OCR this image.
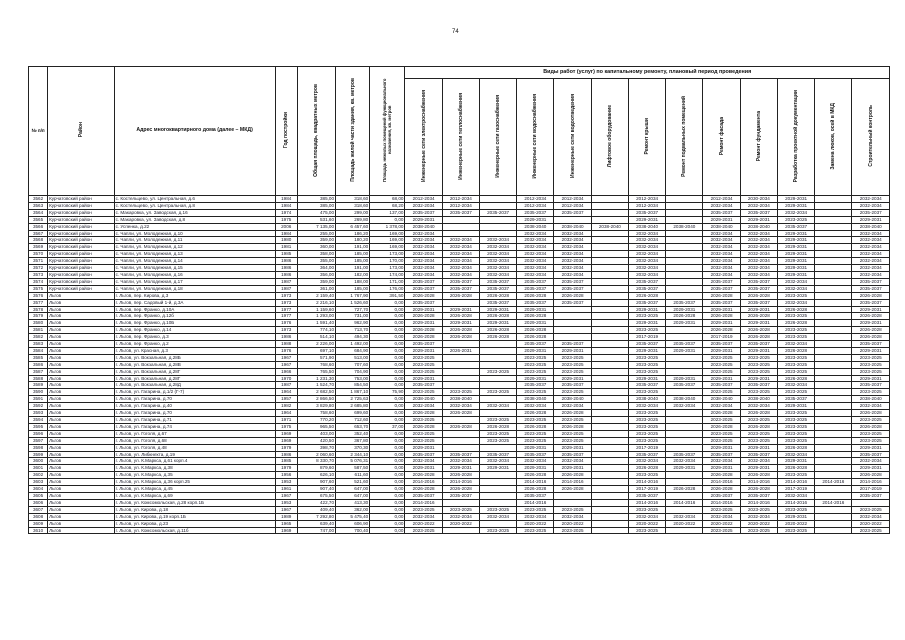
74
№ п/п	Район	Адрес многоквартирного дома (далее – МКД)	Год постройки	Общая площадь, квадратных метров	Площадь жилой части здания, кв. метров	Площадь нежилых помещений функционального назначения, кв. метров	Виды работ (услуг) по капитальному ремонту, плановый период проведения												
							Инженерные сети электроснабжения	Инженерные сети теплоснабжения	Инженерные сети газоснабжения	Инженерные сети водоснабжения	Инженерные сети водоотведения	Лифтовое оборудование	Ремонт крыши	Ремонт подвальных помещений	Ремонт фасада	Ремонт фундамента	Разработка проектной документации	Замена люков, осей в МКД	Строительный контроль
3562	Курчатовский район	с. Костельцево, ул. Центральная, д.6	1984	385,00	318,60	68,00	2012-2034	2012-2034		2012-2034	2012-2034		2012-2034		2012-2034	2030-2034	2029-2031		2032-2034
3563	Курчатовский район	с. Костельцево, ул. Центральная, д.8	1984	385,00	318,60	68,20	2032-2034	2012-2034		2012-2034	2012-2034		2012-2034		2032-2034	2032-2034	2029-2031		2032-2034
3564	Курчатовский район	с. Макаровка, ул. Заводская, д.16	1974	475,00	299,00	137,00	2035-2037	2035-2037	2035-2037	2035-2037	2035-2037		2035-2037		2035-2037	2035-2037	2032-2034		2035-2037
3565	Курчатовский район	с. Макаровка, ул. Заводская, д.8	1975	531,60	269,80	0,00	2029-2031			2029-2031			2029-2031		2029-2031	2029-2031	2023-2025		2029-2031
3566	Курчатовский район	с. Успенка, д.22	2006	7 135,00	6 457,60	1 378,00	2038-2040			2038-2040	2038-2040	2038-2040	2038-2040	2038-2040	2038-2040	2038-2040	2035-2037		2038-2040
3567	Курчатовский район	с. Чапли, ул. Молодежная, д.10	1984	255,00	186,20	169,00	2032-2034			2032-2034	2032-2034		2032-2034		2032-2034	2032-2034	2029-2031		2032-2034
3568	Курчатовский район	с. Чапли, ул. Молодежная, д.11	1980	359,00	180,20	169,00	2032-2034	2032-2034	2032-2034	2032-2034	2032-2034		2032-2034		2032-2034	2032-2034	2029-2031		2032-2034
3569	Курчатовский район	с. Чапли, ул. Молодежная, д.12	1981	360,00	191,00	169,00	2032-2034	2032-2034	2032-2034	2032-2034	2032-2034		2032-2034		2032-2034	2032-2034	2029-2031		2032-2034
3570	Курчатовский район	с. Чапли, ул. Молодежная, д.13	1985	358,00	185,00	173,00	2032-2034	2032-2034	2032-2034	2032-2034	2032-2034		2032-2034		2032-2034	2032-2034	2029-2031		2032-2034
3571	Курчатовский район	с. Чапли, ул. Молодежная, д.14	1986	355,00	185,00	170,00	2032-2034	2032-2034	2032-2034	2032-2034	2032-2034		2032-2034		2032-2034	2032-2034	2029-2031		2032-2034
3572	Курчатовский район	с. Чапли, ул. Молодежная, д.15	1986	364,00	191,00	173,00	2032-2034	2032-2034	2032-2034	2032-2034	2032-2034		2032-2034		2032-2034	2032-2034	2029-2031		2032-2034
3573	Курчатовский район	с. Чапли, ул. Молодежная, д.16	1986	356,00	182,00	174,00	2032-2034	2032-2034	2032-2034	2032-2034	2032-2034		2032-2034		2032-2034	2032-2034	2029-2031		2032-2034
3574	Курчатовский район	с. Чапли, ул. Молодежная, д.17	1987	359,00	188,00	171,00	2035-2037	2035-2037	2035-2037	2035-2037	2035-2037		2035-2037		2035-2037	2035-2037	2032-2034		2035-2037
3575	Курчатовский район	с. Чапли, ул. Молодежная, д.18	1987	361,00	185,00	176,00	2035-2037	2035-2037	2035-2037	2035-2037	2035-2037		2035-2037		2035-2037	2035-2037	2032-2034		2035-2037
3576	Льгов	г. Льгов, пер. Кирова, д.3	1973	2 159,40	1 767,90	391,50	2026-2028	2026-2028	2026-2028	2026-2028	2026-2028		2026-2028		2026-2028	2026-2028	2023-2025		2026-2028
3577	Льгов	г. Льгов, пер. Садовый 1-й, д.3А	1973	2 216,10	1 526,60	0,00	2035-2037		2035-2037	2035-2037	2035-2037		2035-2037	2035-2037	2035-2037	2035-2037	2032-2034		2035-2037
3578	Льгов	г. Льгов, пер. Франко, д.10А	1977	1 159,60	727,70	0,00	2029-2031	2029-2031	2029-2031	2029-2031			2029-2031	2029-2031	2029-2031	2029-2031	2026-2028		2029-2031
3579	Льгов	г. Льгов, пер. Франко, д.12б	1977	1 293,00	731,00	0,00	2026-2028	2026-2028	2026-2028	2026-2028			2023-2025	2026-2028	2026-2028	2026-2028	2023-2025		2026-2028
3580	Льгов	г. Льгов, пер. Франко, д.10Б	1976	1 591,40	962,90	0,00	2029-2031	2029-2031	2029-2031	2029-2031			2029-2031	2029-2031	2029-2031	2029-2031	2026-2028		2029-2031
3581	Льгов	г. Льгов, пер. Франко, д.14	1973	774,10	713,70	0,00	2026-2028	2026-2028	2026-2028	2026-2028			2023-2025		2026-2028	2026-2028	2023-2025		2026-2028
3582	Льгов	г. Льгов, пер. Франко, д.3	1986	514,10	494,30	0,00	2026-2028	2026-2028	2026-2028	2026-2028			2017-2019		2017-2019	2026-2028	2023-2025		2026-2028
3583	Льгов	г. Льгов, пер. Франко, д.2	1988	2 226,00	1 492,00	0,00	2035-2037			2035-2037	2035-2037		2035-2037	2035-2037	2035-2037	2035-2037	2032-2034		2035-2037
3584	Льгов	г. Льгов, ул. Красная, д.3	1976	697,10	684,90	0,00	2029-2031	2026-2031		2029-2031	2029-2031		2029-2031	2029-2031	2029-2031	2029-2031	2026-2028		2029-2031
3585	Льгов	г. Льгов, ул. Вокзальная, д.28Б	1967	571,90	513,00	0,00	2023-2025			2023-2025	2023-2025		2023-2025		2023-2025	2023-2025	2023-2025		2023-2025
3586	Льгов	г. Льгов, ул. Вокзальная, д.28В	1967	768,60	707,60	0,00	2023-2025			2023-2025	2023-2025		2023-2025		2023-2025	2023-2025	2023-2025		2023-2025
3587	Льгов	г. Льгов, ул. Вокзальная, д.28Г	1966	765,50	704,90	0,00	2023-2025		2023-2025	2023-2025	2023-2025		2023-2025		2023-2025	2023-2025	2023-2025		2023-2025
3588	Льгов	г. Льгов, ул. Вокзальная, д.28Г	1970	1 231,30	753,00	0,00	2029-2031			2029-2031	2029-2031		2029-2031	2029-2031	2029-2031	2029-2031	2026-2028		2029-2031
3589	Льгов	г. Льгов, ул. Вокзальная, д.28Д	1987	1 524,70	854,50	0,00	2035-2037			2035-2037	2035-2037		2035-2037	2035-2037	2035-2037	2035-2037	2032-2034		2035-2037
3590	Льгов	г. Льгов, ул. Гагарина, д.1/2 (Г-7)	1964	2 682,50	1 867,10	75,90	2023-2025	2023-2025	2023-2025	2023-2025	2023-2025		2023-2025		2023-2025	2023-2025	2023-2025		2023-2025
3591	Льгов	г. Льгов, ул. Гагарина, д.70	1957	2 866,50	2 725,63	0,00	2038-2040	2038-2040		2038-2040	2038-2040		2038-2040	2038-2040	2038-2040	2038-2040	2035-2037		2038-2040
3592	Льгов	г. Льгов, ул. Гагарина, д.40	1982	3 829,80	2 685,80	0,00	2032-2034	2032-2034	2032-2034	2032-2034	2032-2034		2032-2034	2032-2034	2032-2034	2032-2034	2029-2031		2032-2034
3593	Льгов	г. Льгов, ул. Гагарина, д.70	1964	758,60	699,60	0,00	2026-2028	2026-2028		2026-2028	2026-2028		2023-2025		2026-2028	2026-2028	2023-2025		2026-2028
3594	Льгов	г. Льгов, ул. Гагарина, д.71	1971	770,20	712,60	0,00	2023-2025		2023-2025	2023-2025	2023-2025		2023-2025		2023-2025	2023-2025	2023-2025		2023-2025
3595	Льгов	г. Льгов, ул. Гагарина, д.74	1975	965,50	653,70	37,00	2026-2028	2026-2028	2026-2028	2026-2028	2026-2028		2023-2025		2026-2028	2026-2028	2023-2025		2026-2028
3596	Льгов	г. Льгов, ул. Гоголя, д.67	1969	403,00	352,40	0,00	2023-2025		2023-2025	2023-2025	2023-2025		2023-2025		2023-2025	2023-2025	2023-2025		2023-2025
3597	Льгов	г. Льгов, ул. Гоголя, д.68	1969	420,50	367,80	0,00	2023-2025		2023-2025	2023-2025	2023-2025		2023-2025		2023-2025	2023-2025	2023-2025		2023-2025
3598	Льгов	г. Льгов, ул. Гоголя, д.48	1979	398,70	370,30	0,00	2029-2031			2029-2031	2029-2031		2017-2019		2029-2031	2029-2031	2026-2028		2029-2031
3599	Льгов	г. Льгов, ул. Либкнехта, д.19	1986	2 060,60	2 344,10	0,00	2035-2037	2035-2037	2035-2037	2035-2037	2035-2037		2035-2037	2035-2037	2035-2037	2035-2037	2032-2034		2035-2037
3600	Льгов	г. Льгов, ул. К.Маркса, д.61 корп.4	1985	8 330,70	5 076,31	0,00	2032-2034	2032-2034	2032-2034	2032-2034	2032-2034		2032-2034	2032-2034	2032-2034	2032-2034	2029-2031		2032-2034
3601	Льгов	г. Льгов, ул. К.Маркса, д.38	1979	879,60	587,50	0,00	2029-2031	2029-2031	2029-2031	2029-2031	2029-2031		2026-2028	2029-2031	2029-2031	2029-2031	2026-2028		2029-2031
3602	Льгов	г. Льгов, ул. К.Маркса, д.35	1956	626,10	611,60	0,00	2026-2028	2026-2028		2026-2028	2026-2028		2023-2025		2026-2028	2026-2028	2023-2025		2026-2028
3603	Льгов	г. Льгов, ул. К.Маркса, д.36 корп.25	1953	907,60	521,60	0,00	2014-2016	2014-2016		2014-2016	2014-2016		2014-2016		2014-2016	2014-2016	2014-2016	2014-2016	2014-2016
3604	Льгов	г. Льгов, ул. К.Маркса, д.45	1961	907,40	647,00	0,00	2026-2028	2026-2028		2026-2028	2026-2028		2017-2019	2026-2028	2026-2028	2026-2028	2017-2019		2017-2019
3605	Льгов	г. Льгов, ул. К.Маркса, д.69	1967	675,50	647,00	0,00	2035-2037	2035-2037		2035-2037			2035-2037		2035-2037	2035-2037	2032-2034		2035-2037
3606	Льгов	г. Льгов, ул. Комсомольская, д.28 корп.1Б	1953	422,70	413,30	0,00	2014-2016			2014-2016			2014-2016	2014-2016	2014-2016	2014-2016	2014-2016	2014-2016	
3607	Льгов	г. Льгов, ул. Кирова, д.18	1967	409,40	362,00	0,00	2023-2025	2023-2025	2023-2025	2023-2025	2023-2025		2023-2025		2023-2025	2023-2025	2023-2025		2023-2025
3608	Льгов	г. Льгов, ул. Кирова, д.19 корп.1Б	1989	7 292,80	5 475,40	0,00	2032-2034	2032-2034	2032-2034	2032-2034	2032-2034		2032-2034	2032-2034	2032-2034	2032-2034	2029-2031		2032-2034
3609	Льгов	г. Льгов, ул. Кирова, д.23	1965	639,40	606,90	0,00	2020-2022	2020-2022		2020-2022	2020-2022		2020-2022	2020-2022	2020-2022	2020-2022	2020-2022		2020-2022
3610	Льгов	г. Льгов, ул. Комсомольская, д.11б	1969	747,00	700,40	0,00	2023-2025		2023-2025	2023-2025	2023-2025		2023-2025		2023-2025	2023-2025	2023-2025		2023-2025
